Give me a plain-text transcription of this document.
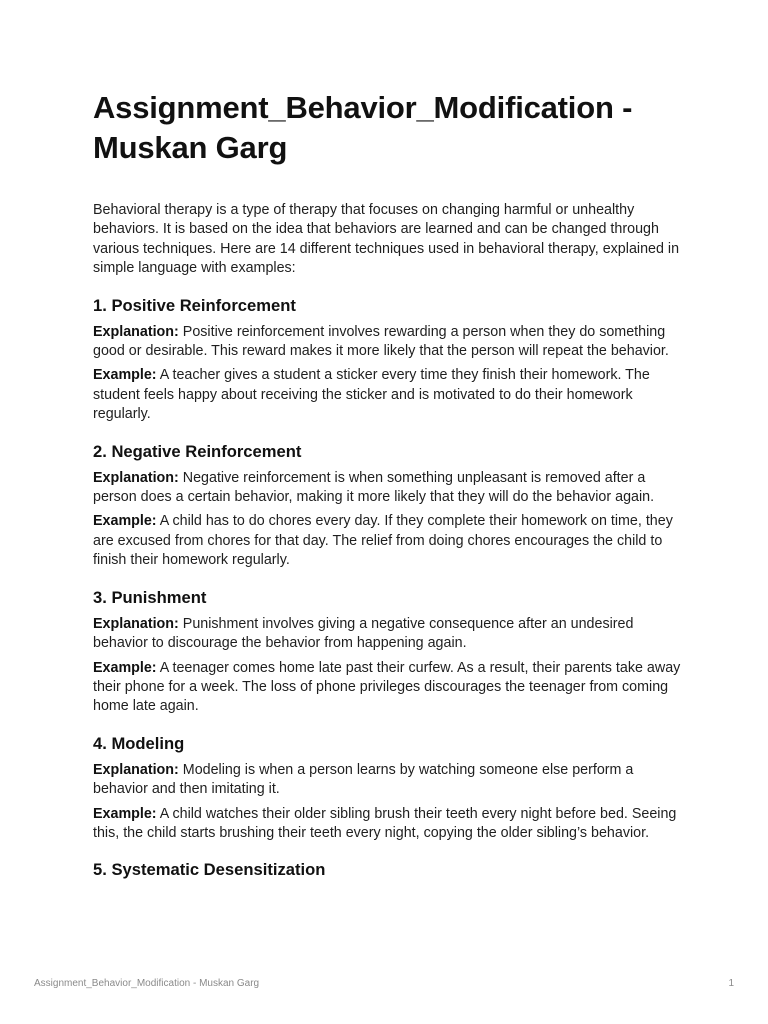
Assignment_Behavior_Modification - Muskan Garg

Behavioral therapy is a type of therapy that focuses on changing harmful or unhealthy behaviors. It is based on the idea that behaviors are learned and can be changed through various techniques. Here are 14 different techniques used in behavioral therapy, explained in simple language with examples:

1. Positive Reinforcement

Explanation: Positive reinforcement involves rewarding a person when they do something good or desirable. This reward makes it more likely that the person will repeat the behavior.

Example: A teacher gives a student a sticker every time they finish their homework. The student feels happy about receiving the sticker and is motivated to do their homework regularly.

2. Negative Reinforcement

Explanation: Negative reinforcement is when something unpleasant is removed after a person does a certain behavior, making it more likely that they will do the behavior again.

Example: A child has to do chores every day. If they complete their homework on time, they are excused from chores for that day. The relief from doing chores encourages the child to finish their homework regularly.

3. Punishment

Explanation: Punishment involves giving a negative consequence after an undesired behavior to discourage the behavior from happening again.

Example: A teenager comes home late past their curfew. As a result, their parents take away their phone for a week. The loss of phone privileges discourages the teenager from coming home late again.

4. Modeling

Explanation: Modeling is when a person learns by watching someone else perform a behavior and then imitating it.

Example: A child watches their older sibling brush their teeth every night before bed. Seeing this, the child starts brushing their teeth every night, copying the older sibling’s behavior.

5. Systematic Desensitization
Assignment_Behavior_Modification - Muskan Garg	1
